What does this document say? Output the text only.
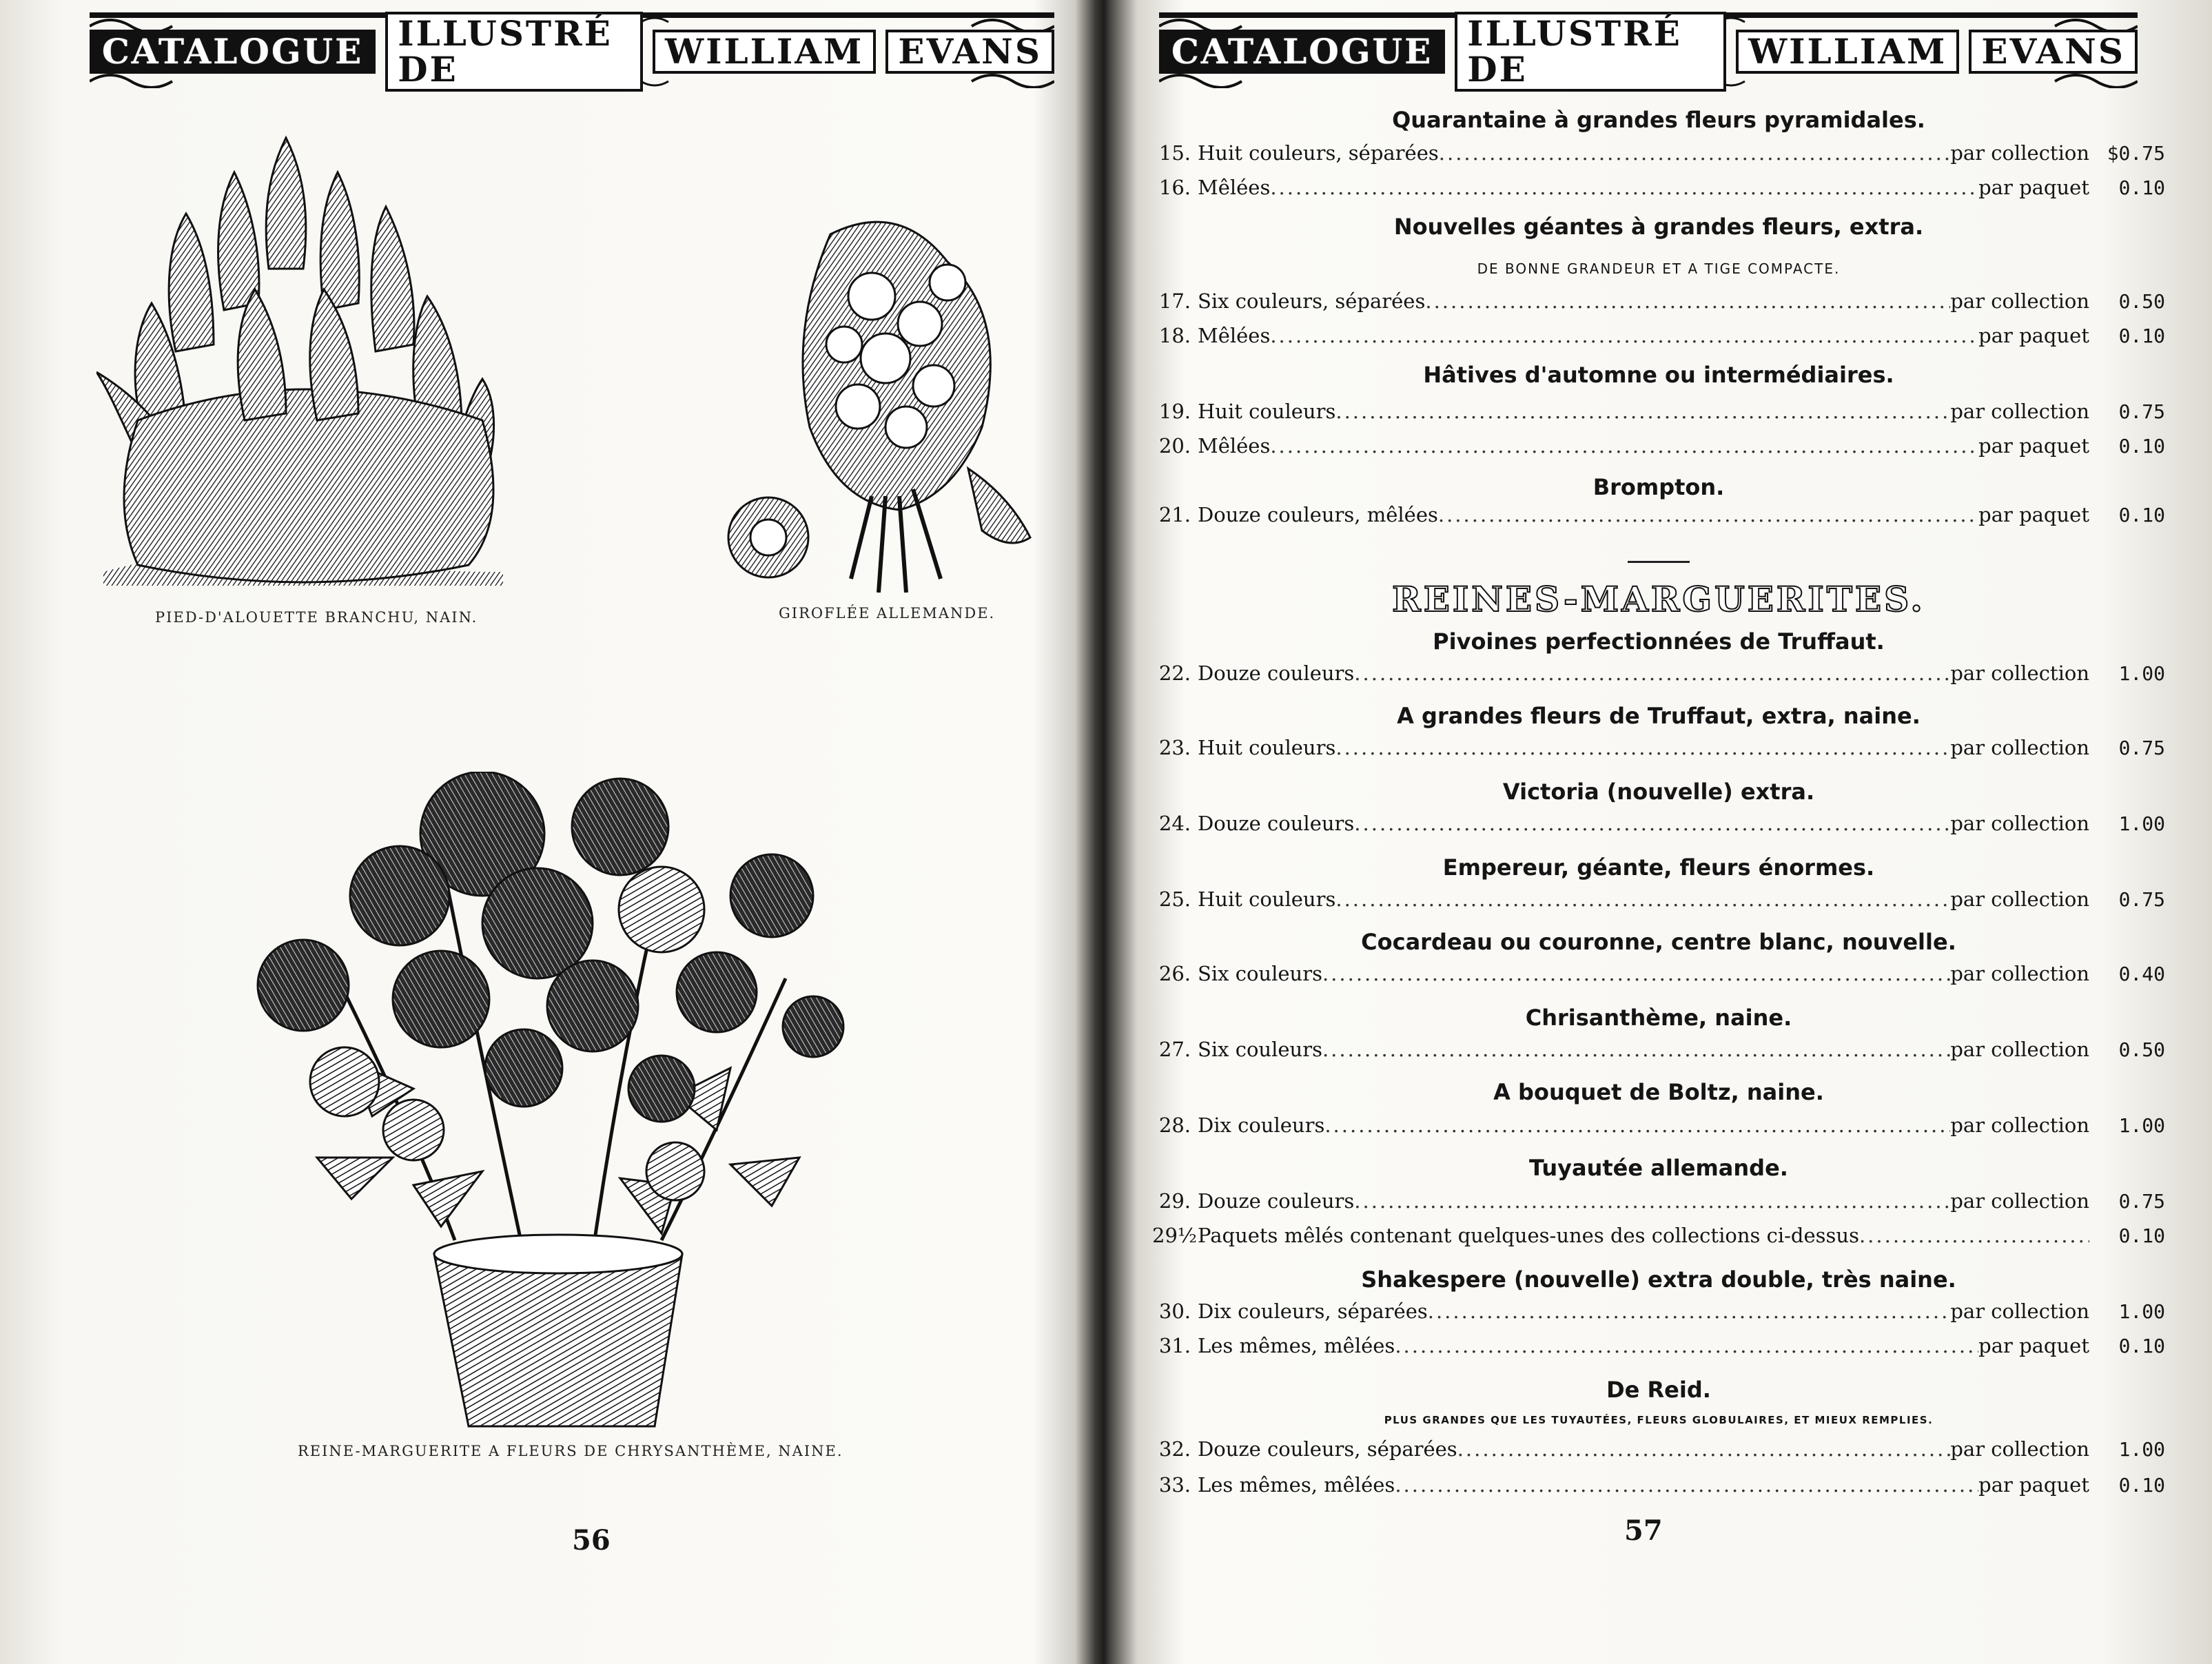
CATALOGUE	ILLUSTRÉ DE	WILLIAM	EVANS
PIED-D'ALOUETTE BRANCHU, NAIN.	GIROFLÉE ALLEMANDE.
REINE-MARGUERITE A FLEURS DE CHRYSANTHÈME, NAINE.
56
CATALOGUE	ILLUSTRÉ DE	WILLIAM	EVANS
Quarantaine à grandes fleurs pyramidales.
15. Huit couleurs, séparées .....	par collection $0.75
16. Mêlées .....	par paquet	0.10
Nouvelles géantes à grandes fleurs, extra.
DE BONNE GRANDEUR ET A TIGE COMPACTE.
17. Six couleurs, séparées .....	par collection	0.50
18. Mêlées .....	par paquet	0.10
Hâtives d'automne ou intermédiaires.
19. Huit couleurs .....	par collection	0.75
20. Mêlées .....	par paquet	0.10
Brompton.
21. Douze couleurs, mêlées .....	par paquet	0.10
REINES-MARGUERITES.
Pivoines perfectionnées de Truffaut.
22. Douze couleurs .....	par collection	1.00
A grandes fleurs de Truffaut, extra, naine.
23. Huit couleurs .....	par collection	0.75
Victoria (nouvelle) extra.
24. Douze couleurs .....	par collection	1.00
Empereur, géante, fleurs énormes.
25. Huit couleurs .....	par collection	0.75
Cocardeau ou couronne, centre blanc, nouvelle.
26. Six couleurs .....	par collection	0.40
Chrisanthème, naine.
27. Six couleurs .....	par collection	0.50
A bouquet de Boltz, naine.
28. Dix couleurs .....	par collection	1.00
Tuyautée allemande.
29. Douze couleurs .....	par collection	0.75
29½ Paquets mêlés contenant quelques-unes des collections ci-dessus .....	0.10
Shakespere (nouvelle) extra double, très naine.
30. Dix couleurs, séparées .....	par collection	1.00
31. Les mêmes, mêlées .....	par paquet	0.10
De Reid.
PLUS GRANDES QUE LES TUYAUTÉES, FLEURS GLOBULAIRES, ET MIEUX REMPLIES.
32. Douze couleurs, séparées .....	par collection	1.00
33. Les mêmes, mêlées .....	par paquet	0.10
57
